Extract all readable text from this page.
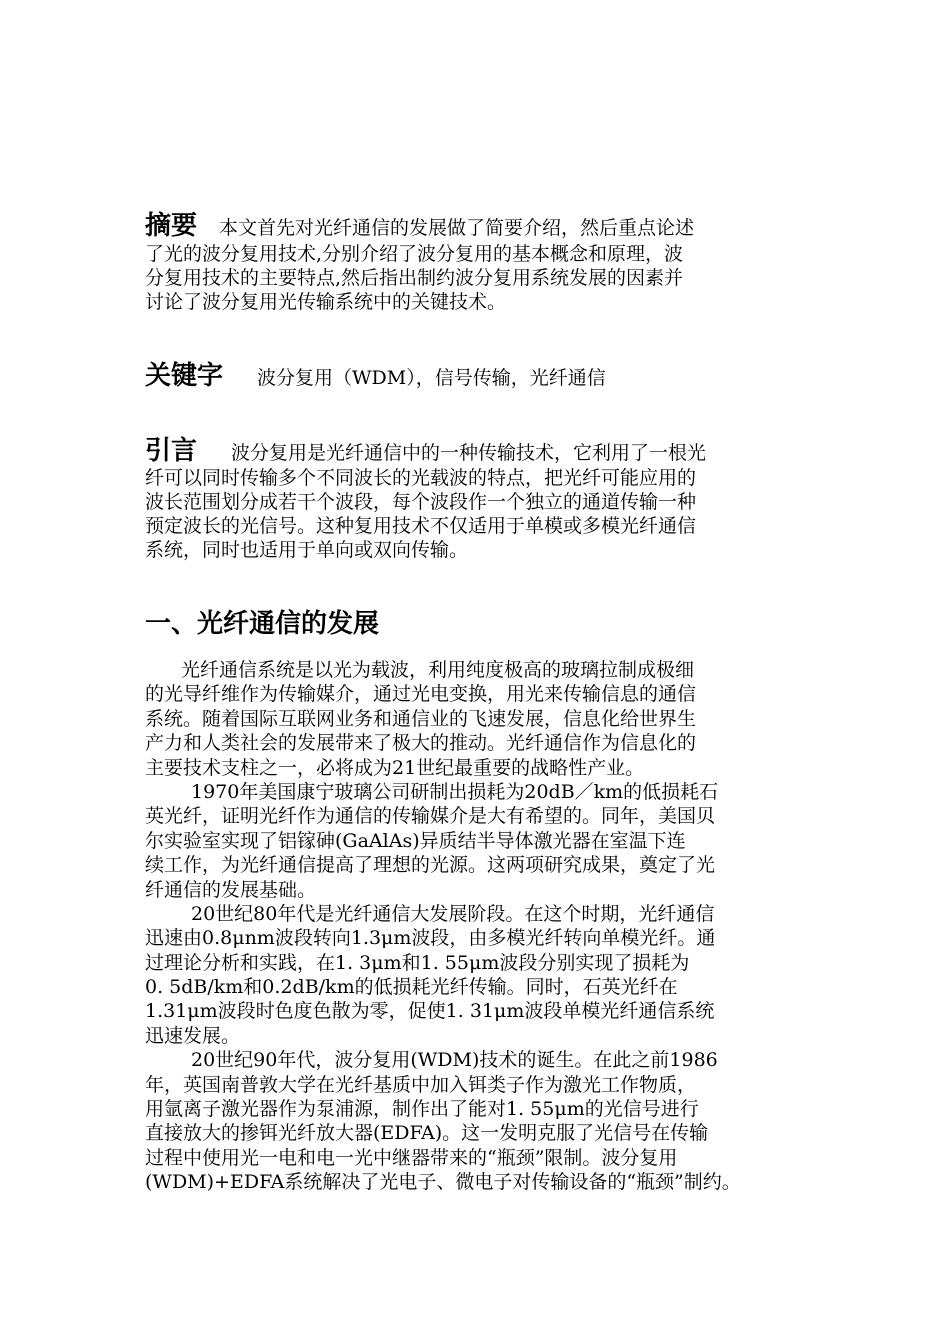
摘要 本文首先对光纤通信的发展做了简要介绍，然后重点论述
了光的波分复用技术,分别介绍了波分复用的基本概念和原理，波
分复用技术的主要特点,然后指出制约波分复用系统发展的因素并
讨论了波分复用光传输系统中的关键技术。
关键字 波分复用（WDM），信号传输，光纤通信
引言 波分复用是光纤通信中的一种传输技术，它利用了一根光
纤可以同时传输多个不同波长的光载波的特点，把光纤可能应用的
波长范围划分成若干个波段，每个波段作一个独立的通道传输一种
预定波长的光信号。这种复用技术不仅适用于单模或多模光纤通信
系统，同时也适用于单向或双向传输。
一、光纤通信的发展
光纤通信系统是以光为载波，利用纯度极高的玻璃拉制成极细
的光导纤维作为传输媒介，通过光电变换，用光来传输信息的通信
系统。随着国际互联网业务和通信业的飞速发展，信息化给世界生
产力和人类社会的发展带来了极大的推动。光纤通信作为信息化的
主要技术支柱之一，必将成为21世纪最重要的战略性产业。
1970年美国康宁玻璃公司研制出损耗为20dB／km的低损耗石
英光纤，证明光纤作为通信的传输媒介是大有希望的。同年，美国贝
尔实验室实现了铝镓砷(GaAlAs)异质结半导体激光器在室温下连
续工作，为光纤通信提高了理想的光源。这两项研究成果，奠定了光
纤通信的发展基础。
20世纪80年代是光纤通信大发展阶段。在这个时期，光纤通信
迅速由0.8μnm波段转向1.3μm波段，由多模光纤转向单模光纤。通
过理论分析和实践，在1. 3μm和1. 55μm波段分别实现了损耗为
0. 5dB/km和0.2dB/km的低损耗光纤传输。同时，石英光纤在
1.31μm波段时色度色散为零，促使1. 31μm波段单模光纤通信系统
迅速发展。
20世纪90年代，波分复用(WDM)技术的诞生。在此之前1986
年，英国南普敦大学在光纤基质中加入铒类子作为激光工作物质，
用氩离子激光器作为泵浦源，制作出了能对1. 55μm的光信号进行
直接放大的掺铒光纤放大器(EDFA)。这一发明克服了光信号在传输
过程中使用光一电和电一光中继器带来的“瓶颈”限制。波分复用
(WDM)+EDFA系统解决了光电子、微电子对传输设备的“瓶颈”制约。
